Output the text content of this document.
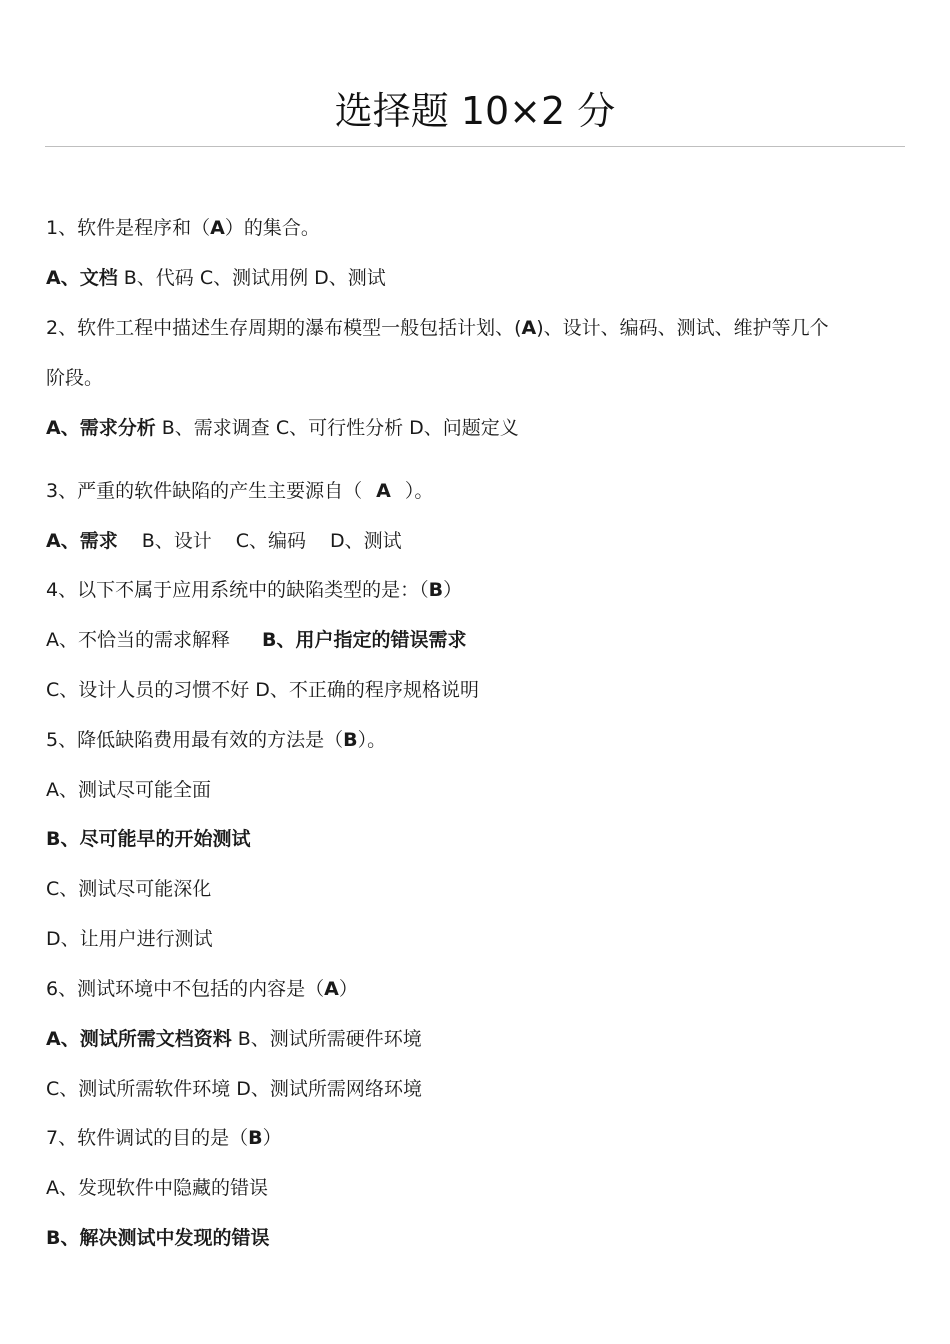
选择题 10×2 分
1、软件是程序和（A）的集合。
A、文档 B、代码 C、测试用例 D、测试
2、软件工程中描述生存周期的瀑布模型一般包括计划、(A)、设计、编码、测试、维护等几个
阶段。
A、需求分析 B、需求调查 C、可行性分析 D、问题定义
3、严重的软件缺陷的产生主要源自（ A ）。
A、需求 B、设计 C、编码 D、测试
4、以下不属于应用系统中的缺陷类型的是：（B）
A、不恰当的需求解释 B、用户指定的错误需求
C、设计人员的习惯不好 D、不正确的程序规格说明
5、降低缺陷费用最有效的方法是（B）。
A、测试尽可能全面
B、尽可能早的开始测试
C、测试尽可能深化
D、让用户进行测试
6、测试环境中不包括的内容是（A）
A、测试所需文档资料 B、测试所需硬件环境
C、测试所需软件环境 D、测试所需网络环境
7、软件调试的目的是（B）
A、发现软件中隐藏的错误
B、解决测试中发现的错误
